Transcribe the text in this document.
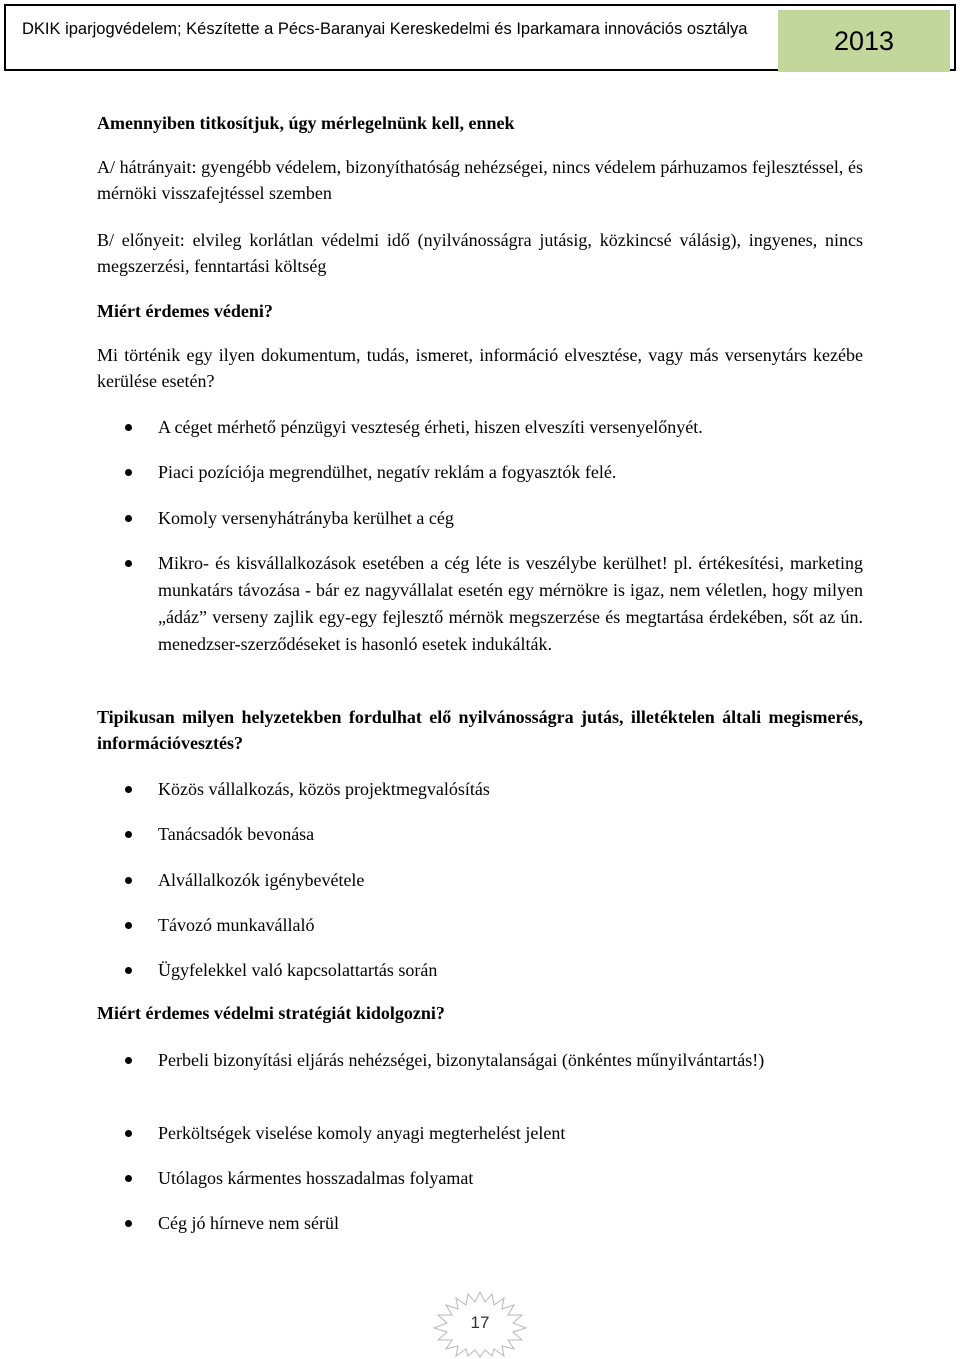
DKIK iparjogvédelem; Készítette a Pécs-Baranyai Kereskedelmi és Iparkamara innovációs osztálya	2013
Amennyiben titkosítjuk, úgy mérlegelnünk kell, ennek
A/ hátrányait: gyengébb védelem, bizonyíthatóság nehézségei, nincs védelem párhuzamos fejlesztéssel, és mérnöki visszafejtéssel szemben
B/ előnyeit: elvileg korlátlan védelmi idő (nyilvánosságra jutásig, közkincsé válásig), ingyenes, nincs megszerzési, fenntartási költség
Miért érdemes védeni?
Mi történik egy ilyen dokumentum, tudás, ismeret, információ elvesztése, vagy más versenytárs kezébe kerülése esetén?
A céget mérhető pénzügyi veszteség érheti, hiszen elveszíti versenyelőnyét.
Piaci pozíciója megrendülhet, negatív reklám a fogyasztók felé.
Komoly versenyhátrányba kerülhet a cég
Mikro- és kisvállalkozások esetében a cég léte is veszélybe kerülhet! pl. értékesítési, marketing munkatárs távozása - bár ez nagyvállalat esetén egy mérnökre is igaz, nem véletlen, hogy milyen „ádáz” verseny zajlik egy-egy fejlesztő mérnök megszerzése és megtartása érdekében, sőt az ún. menedzser-szerződéseket is hasonló esetek indukálták.
Tipikusan milyen helyzetekben fordulhat elő nyilvánosságra jutás, illetéktelen általi megismerés, információvesztés?
Közös vállalkozás, közös projektmegvalósítás
Tanácsadók bevonása
Alvállalkozók igénybevétele
Távozó munkavállaló
Ügyfelekkel való kapcsolattartás során
Miért érdemes védelmi stratégiát kidolgozni?
Perbeli bizonyítási eljárás nehézségei, bizonytalanságai (önkéntes műnyilvántartás!)
Perköltségek viselése komoly anyagi megterhelést jelent
Utólagos kármentes hosszadalmas folyamat
Cég jó hírneve nem sérül
17
